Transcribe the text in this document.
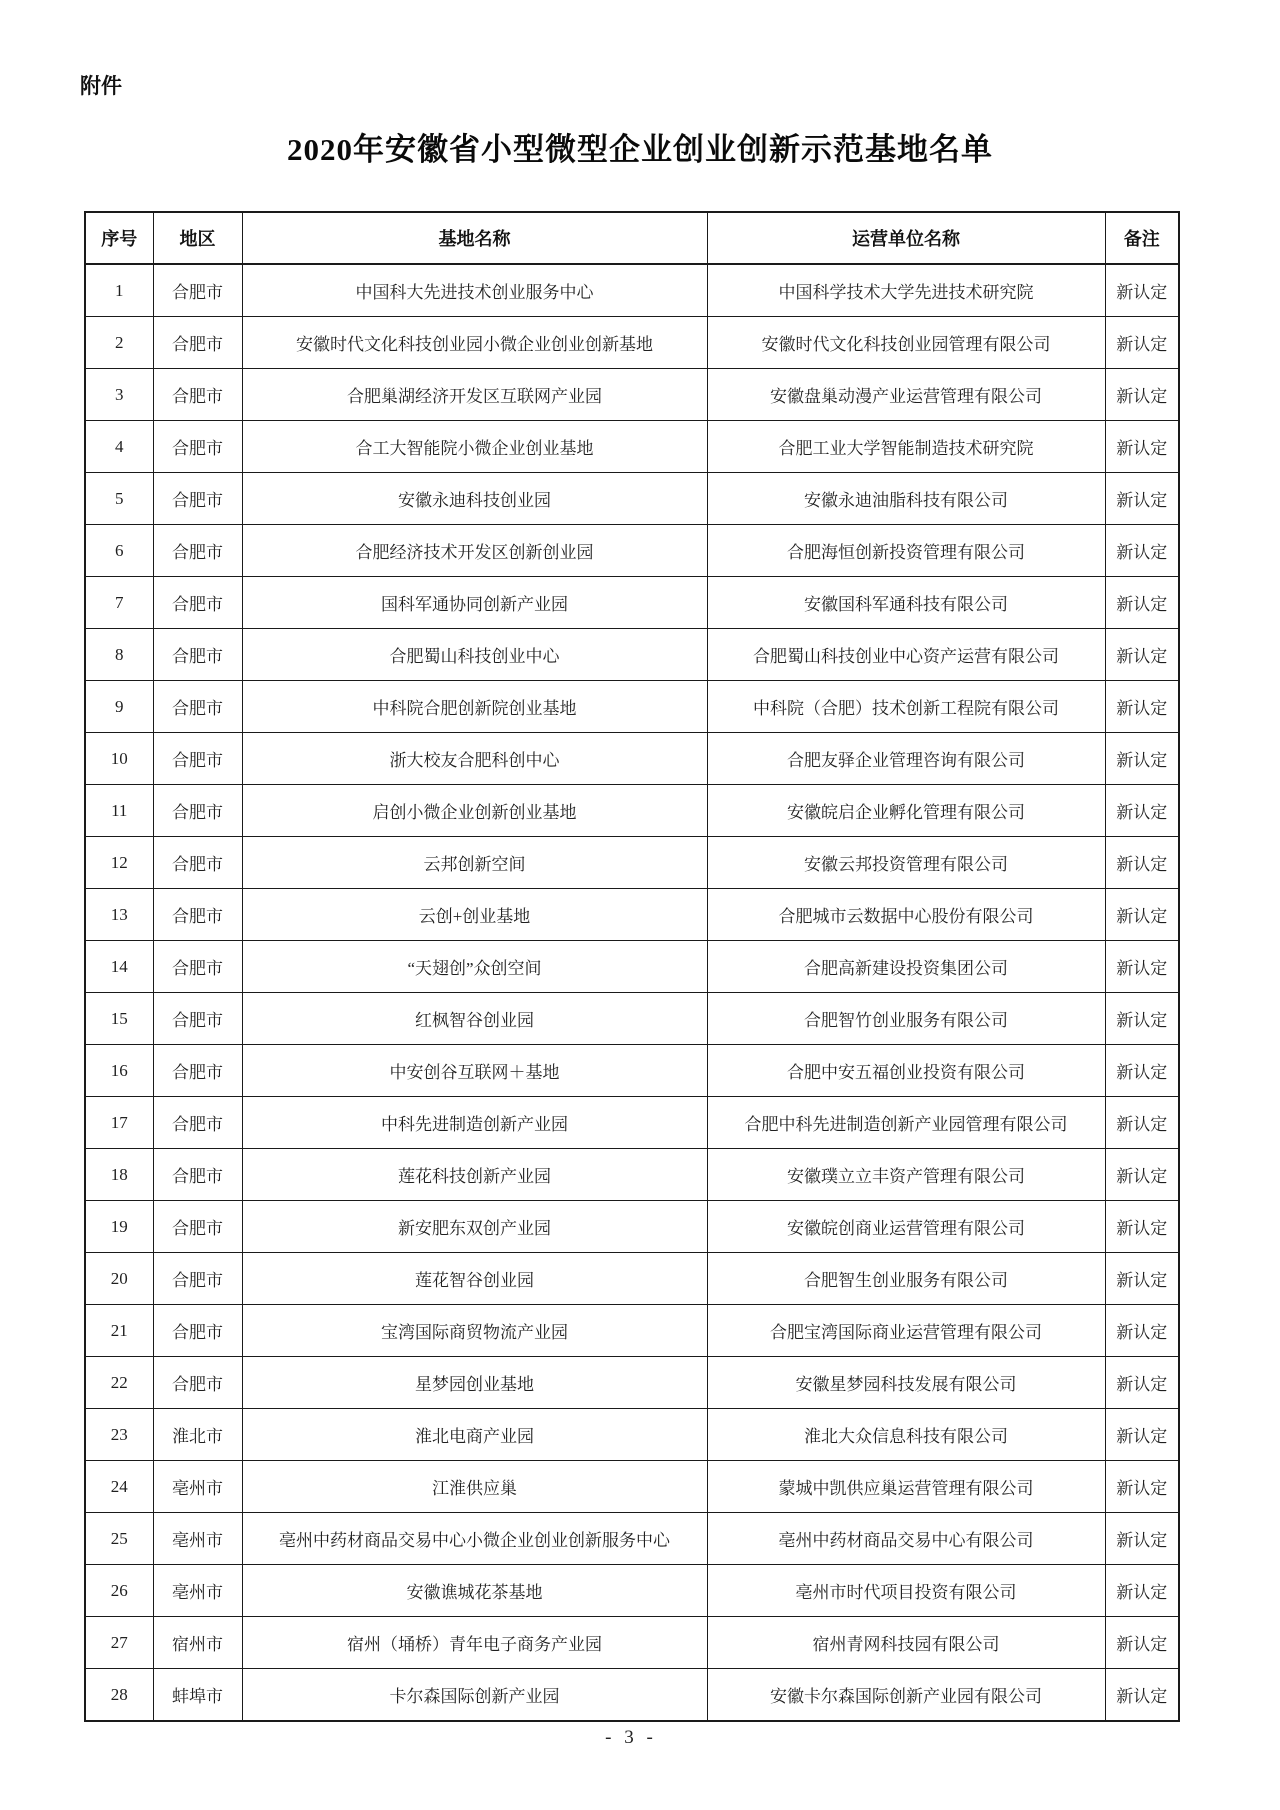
附件
2020年安徽省小型微型企业创业创新示范基地名单
序号	地区	基地名称	运营单位名称	备注
1	合肥市	中国科大先进技术创业服务中心	中国科学技术大学先进技术研究院	新认定
2	合肥市	安徽时代文化科技创业园小微企业创业创新基地	安徽时代文化科技创业园管理有限公司	新认定
3	合肥市	合肥巢湖经济开发区互联网产业园	安徽盘巢动漫产业运营管理有限公司	新认定
4	合肥市	合工大智能院小微企业创业基地	合肥工业大学智能制造技术研究院	新认定
5	合肥市	安徽永迪科技创业园	安徽永迪油脂科技有限公司	新认定
6	合肥市	合肥经济技术开发区创新创业园	合肥海恒创新投资管理有限公司	新认定
7	合肥市	国科军通协同创新产业园	安徽国科军通科技有限公司	新认定
8	合肥市	合肥蜀山科技创业中心	合肥蜀山科技创业中心资产运营有限公司	新认定
9	合肥市	中科院合肥创新院创业基地	中科院（合肥）技术创新工程院有限公司	新认定
10	合肥市	浙大校友合肥科创中心	合肥友驿企业管理咨询有限公司	新认定
11	合肥市	启创小微企业创新创业基地	安徽皖启企业孵化管理有限公司	新认定
12	合肥市	云邦创新空间	安徽云邦投资管理有限公司	新认定
13	合肥市	云创+创业基地	合肥城市云数据中心股份有限公司	新认定
14	合肥市	“天翅创”众创空间	合肥高新建设投资集团公司	新认定
15	合肥市	红枫智谷创业园	合肥智竹创业服务有限公司	新认定
16	合肥市	中安创谷互联网＋基地	合肥中安五福创业投资有限公司	新认定
17	合肥市	中科先进制造创新产业园	合肥中科先进制造创新产业园管理有限公司	新认定
18	合肥市	莲花科技创新产业园	安徽璞立立丰资产管理有限公司	新认定
19	合肥市	新安肥东双创产业园	安徽皖创商业运营管理有限公司	新认定
20	合肥市	莲花智谷创业园	合肥智生创业服务有限公司	新认定
21	合肥市	宝湾国际商贸物流产业园	合肥宝湾国际商业运营管理有限公司	新认定
22	合肥市	星梦园创业基地	安徽星梦园科技发展有限公司	新认定
23	淮北市	淮北电商产业园	淮北大众信息科技有限公司	新认定
24	亳州市	江淮供应巢	蒙城中凯供应巢运营管理有限公司	新认定
25	亳州市	亳州中药材商品交易中心小微企业创业创新服务中心	亳州中药材商品交易中心有限公司	新认定
26	亳州市	安徽谯城花茶基地	亳州市时代项目投资有限公司	新认定
27	宿州市	宿州（埇桥）青年电子商务产业园	宿州青网科技园有限公司	新认定
28	蚌埠市	卡尔森国际创新产业园	安徽卡尔森国际创新产业园有限公司	新认定
- 3 -
